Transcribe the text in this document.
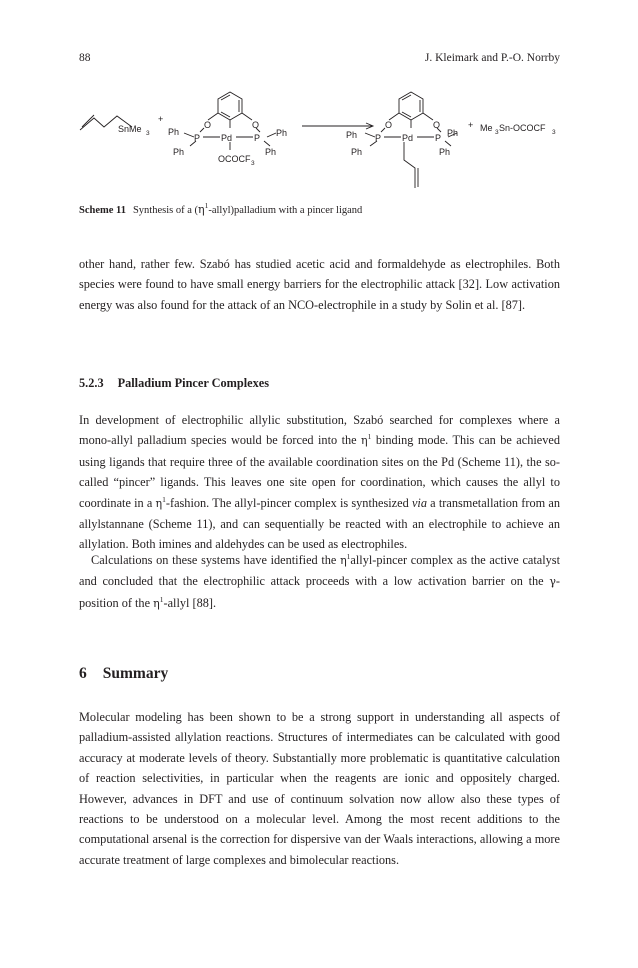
88	J. Kleimark and P.-O. Norrby
SnMe 3
+
Ph
Ph
P Pd P Ph
Ph
O	O
OCOCF 3
Ph
Ph
P Pd P Ph
Ph
O	O	+ Me 3 Sn-OCOCF 3
Scheme 11 Synthesis of a $(\eta^1-allyl)palladium$ with a pincer ligand

other hand, rather few. Szabó has studied acetic acid and formaldehyde as electrophiles. Both species were found to have small energy barriers for the electrophilic attack [32]. Low activation energy was also found for the attack of an NCO-electrophile in a study by Solin et al. [87].

5.2.3 Palladium Pincer Complexes

In development of electrophilic allylic substitution, Szabó searched for complexes where a mono-allyl palladium species would be forced into the $\eta^1$ binding mode. This can be achieved using ligands that require three of the available coordination sites on the Pd (Scheme 11), the so-called “pincer” ligands. This leaves one site open for coordination, which causes the allyl to coordinate in a $\eta^1$-fashion. The allyl-pincer complex is synthesized via a transmetallation from an allylstannane (Scheme 11), and can sequentially be reacted with an electrophile to achieve an allylation. Both imines and aldehydes can be used as electrophiles.

Calculations on these systems have identified the $\eta^1allyl$-pincer complex as the active catalyst and concluded that the electrophilic attack proceeds with a low activation barrier on the γ-position of the $\eta^1$-allyl [88].

6 Summary

Molecular modeling has been shown to be a strong support in understanding all aspects of palladium-assisted allylation reactions. Structures of intermediates can be calculated with good accuracy at moderate levels of theory. Substantially more problematic is quantitative calculation of reaction selectivities, in particular when the reagents are ionic and oppositely charged. However, advances in DFT and use of continuum solvation now allow also these types of reactions to be understood on a molecular level. Among the most recent additions to the computational arsenal is the correction for dispersive van der Waals interactions, allowing a more accurate treatment of large complexes and bimolecular reactions.
